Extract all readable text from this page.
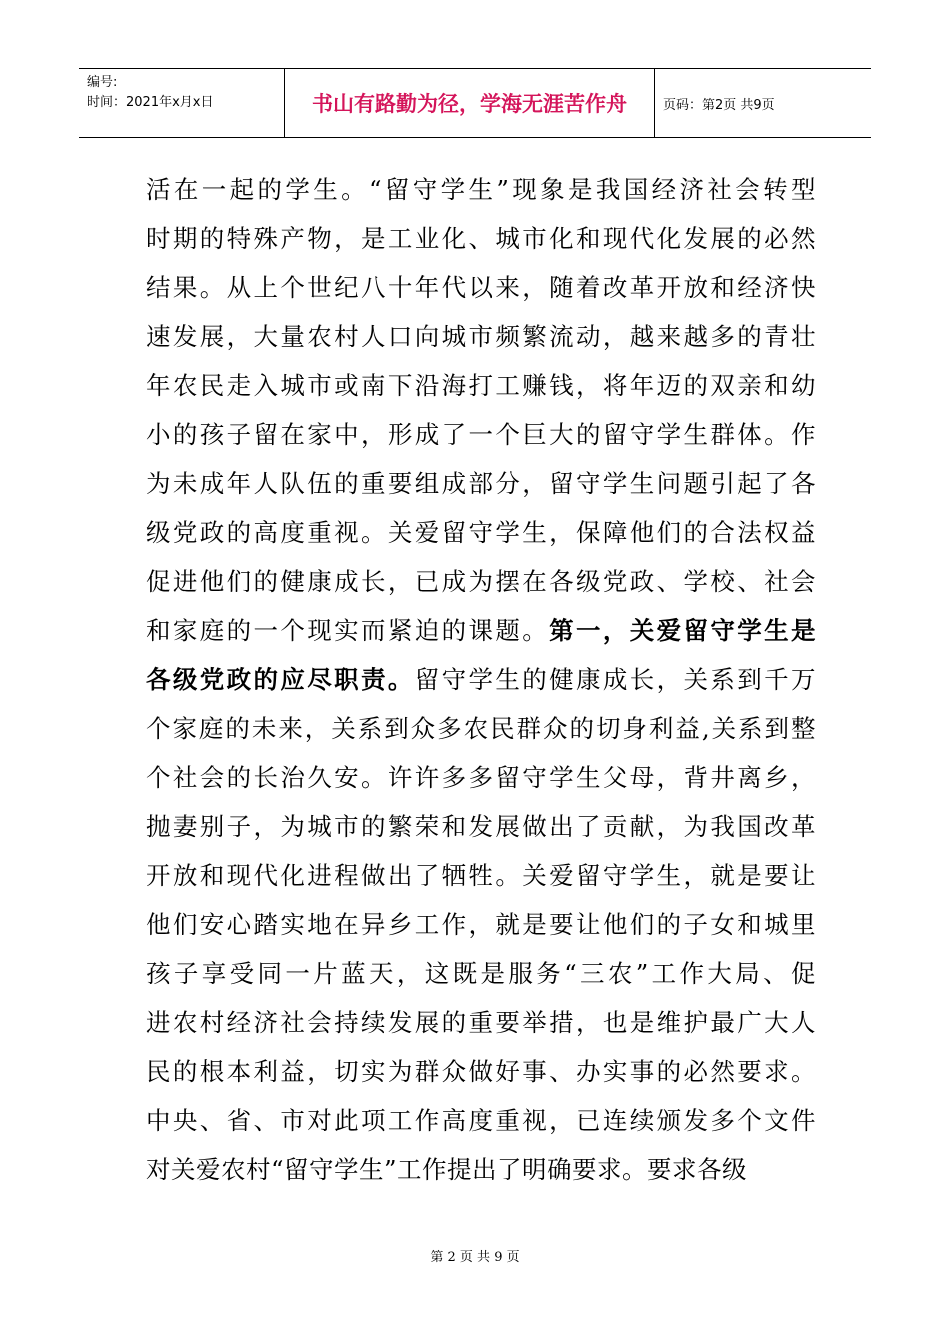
编号:
时间：2021年x月x日	书山有路勤为径，学海无涯苦作舟	页码：第2页 共9页
活在一起的学生。“留守学生”现象是我国经济社会转型
时期的特殊产物，是工业化、城市化和现代化发展的必然
结果。从上个世纪八十年代以来，随着改革开放和经济快
速发展，大量农村人口向城市频繁流动，越来越多的青壮
年农民走入城市或南下沿海打工赚钱，将年迈的双亲和幼
小的孩子留在家中，形成了一个巨大的留守学生群体。作
为未成年人队伍的重要组成部分，留守学生问题引起了各
级党政的高度重视。关爱留守学生，保障他们的合法权益
促进他们的健康成长，已成为摆在各级党政、学校、社会
和家庭的一个现实而紧迫的课题。第一，关爱留守学生是
各级党政的应尽职责。留守学生的健康成长，关系到千万
个家庭的未来，关系到众多农民群众的切身利益,关系到整
个社会的长治久安。许许多多留守学生父母，背井离乡，
抛妻别子，为城市的繁荣和发展做出了贡献，为我国改革
开放和现代化进程做出了牺牲。关爱留守学生，就是要让
他们安心踏实地在异乡工作，就是要让他们的子女和城里
孩子享受同一片蓝天，这既是服务“三农”工作大局、促
进农村经济社会持续发展的重要举措，也是维护最广大人
民的根本利益，切实为群众做好事、办实事的必然要求。
中央、省、市对此项工作高度重视，已连续颁发多个文件
对关爱农村“留守学生”工作提出了明确要求。要求各级
第 2 页 共 9 页
